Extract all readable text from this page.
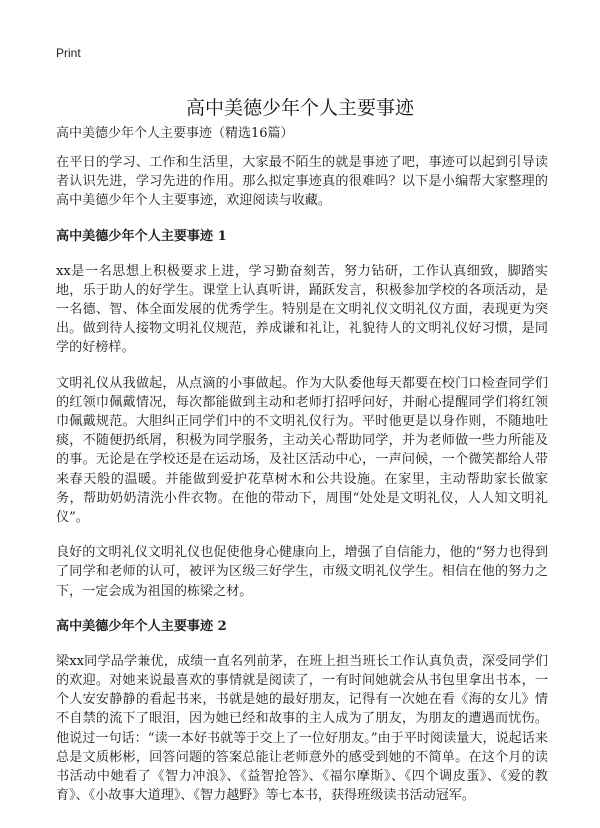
Print
高中美德少年个人主要事迹
高中美德少年个人主要事迹（精选16篇）

在平日的学习、工作和生活里，大家最不陌生的就是事迹了吧，事迹可以起到引导读者认识先进，学习先进的作用。那么拟定事迹真的很难吗？以下是小编帮大家整理的高中美德少年个人主要事迹，欢迎阅读与收藏。

高中美德少年个人主要事迹 1

xx是一名思想上积极要求上进，学习勤奋刻苦，努力钻研，工作认真细致，脚踏实地，乐于助人的好学生。课堂上认真听讲，踊跃发言，积极参加学校的各项活动，是一名德、智、体全面发展的优秀学生。特别是在文明礼仪文明礼仪方面，表现更为突出。做到待人接物文明礼仪规范，养成谦和礼让，礼貌待人的文明礼仪好习惯，是同学的好榜样。

文明礼仪从我做起，从点滴的小事做起。作为大队委他每天都要在校门口检查同学们的红领巾佩戴情况，每次都能做到主动和老师打招呼问好，并耐心提醒同学们将红领巾佩戴规范。大胆纠正同学们中的不文明礼仪行为。平时他更是以身作则，不随地吐痰，不随便扔纸屑，积极为同学服务，主动关心帮助同学，并为老师做一些力所能及的事。无论是在学校还是在运动场，及社区活动中心，一声问候，一个微笑都给人带来春天般的温暖。并能做到爱护花草树木和公共设施。在家里，主动帮助家长做家务，帮助奶奶清洗小件衣物。在他的带动下，周围“处处是文明礼仪，人人知文明礼仪”。

良好的文明礼仪文明礼仪也促使他身心健康向上，增强了自信能力，他的“努力也得到了同学和老师的认可，被评为区级三好学生，市级文明礼仪学生。相信在他的努力之下，一定会成为祖国的栋梁之材。

高中美德少年个人主要事迹 2

梁xx同学品学兼优，成绩一直名列前茅，在班上担当班长工作认真负责，深受同学们的欢迎。对她来说最喜欢的事情就是阅读了，一有时间她就会从书包里拿出书本，一个人安安静静的看起书来，书就是她的最好朋友，记得有一次她在看《海的女儿》情不自禁的流下了眼泪，因为她已经和故事的主人成为了朋友，为朋友的遭遇而忧伤。他说过一句话：“读一本好书就等于交上了一位好朋友。”由于平时阅读量大，说起话来总是文质彬彬，回答问题的答案总能让老师意外的感受到她的不简单。在这个月的读书活动中她看了《智力冲浪》、《益智抢答》、《福尔摩斯》、《四个调皮蛋》、《爱的教育》、《小故事大道理》、《智力越野》等七本书，获得班级读书活动冠军。
